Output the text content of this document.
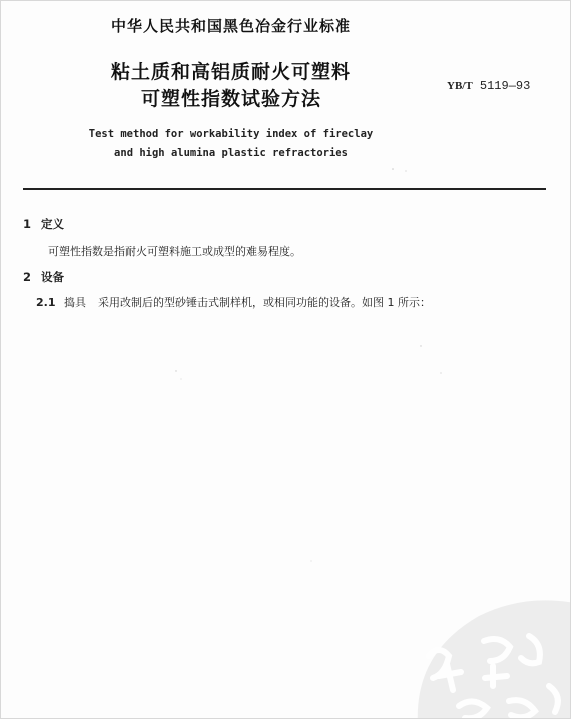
中华人民共和国黑色冶金行业标准
粘土质和高铝质耐火可塑料
可塑性指数试验方法
YB/T 5119—93
Test method for workability index of fireclay
and high alumina plastic refractories
1 定义
可塑性指数是指耐火可塑料施工或成型的难易程度。
2 设备
2.1 捣具 采用改制后的型砂锤击式制样机，或相同功能的设备。如图 1 所示：
